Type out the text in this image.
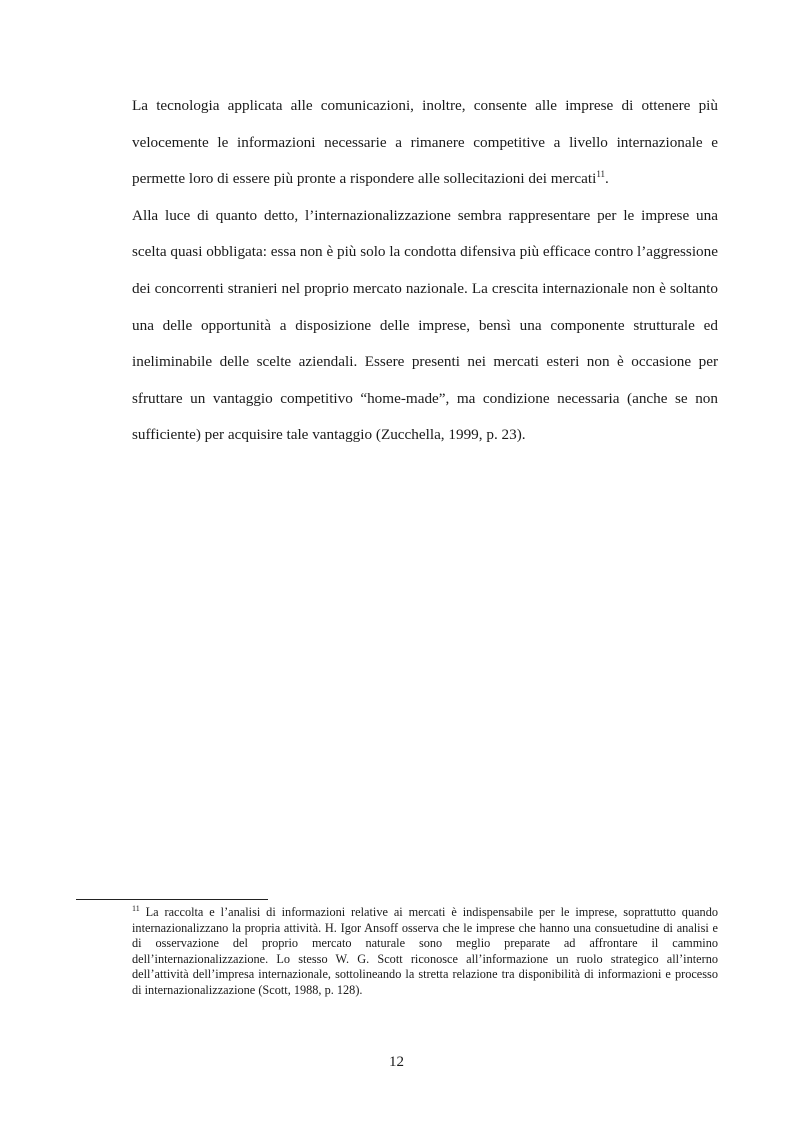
La tecnologia applicata alle comunicazioni, inoltre, consente alle imprese di ottenere più velocemente le informazioni necessarie a rimanere competitive a livello internazionale e permette loro di essere più pronte a rispondere alle sollecitazioni dei mercati$^{11}$.

Alla luce di quanto detto, l’internazionalizzazione sembra rappresentare per le imprese una scelta quasi obbligata: essa non è più solo la condotta difensiva più efficace contro l’aggressione dei concorrenti stranieri nel proprio mercato nazionale. La crescita internazionale non è soltanto una delle opportunità a disposizione delle imprese, bensì una componente strutturale ed ineliminabile delle scelte aziendali. Essere presenti nei mercati esteri non è occasione per sfruttare un vantaggio competitivo “home-made”, ma condizione necessaria (anche se non sufficiente) per acquisire tale vantaggio (Zucchella, 1999, p. 23).

$^{11}$ La raccolta e l’analisi di informazioni relative ai mercati è indispensabile per le imprese, soprattutto quando internazionalizzano la propria attività. H. Igor Ansoff osserva che le imprese che hanno una consuetudine di analisi e di osservazione del proprio mercato naturale sono meglio preparate ad affrontare il cammino dell’internazionalizzazione. Lo stesso W. G. Scott riconosce all’informazione un ruolo strategico all’interno dell’attività dell’impresa internazionale, sottolineando la stretta relazione tra disponibilità di informazioni e processo di internazionalizzazione (Scott, 1988, p. 128).

12
